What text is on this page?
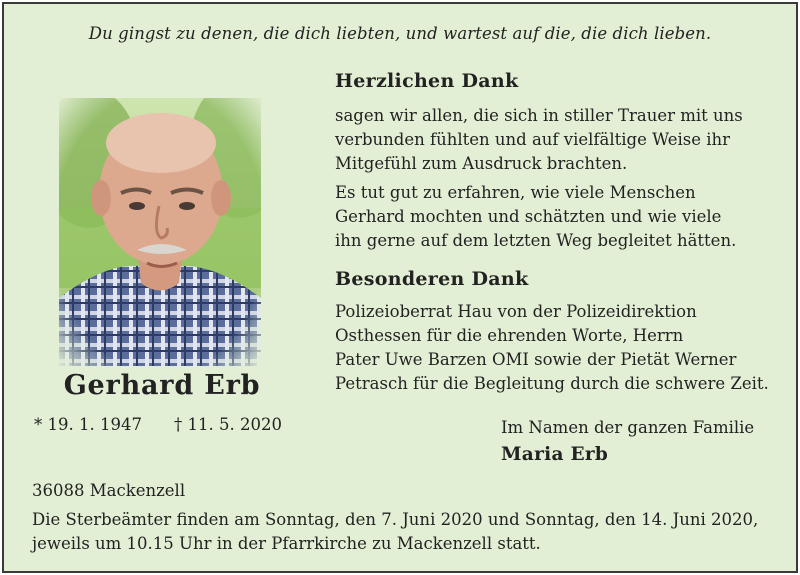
Du gingst zu denen, die dich liebten, und wartest auf die, die dich lieben.
Gerhard Erb
* 19. 1. 1947 † 11. 5. 2020
Herzlichen Dank
sagen wir allen, die sich in stiller Trauer mit uns
verbunden fühlten und auf vielfältige Weise ihr
Mitgefühl zum Ausdruck brachten.
Es tut gut zu erfahren, wie viele Menschen
Gerhard mochten und schätzten und wie viele
ihn gerne auf dem letzten Weg begleitet hätten.
Besonderen Dank
Polizeioberrat Hau von der Polizeidirektion
Osthessen für die ehrenden Worte, Herrn
Pater Uwe Barzen OMI sowie der Pietät Werner
Petrasch für die Begleitung durch die schwere Zeit.
Im Namen der ganzen Familie
Maria Erb
36088 Mackenzell
Die Sterbeämter finden am Sonntag, den 7. Juni 2020 und Sonntag, den 14. Juni 2020,
jeweils um 10.15 Uhr in der Pfarrkirche zu Mackenzell statt.
